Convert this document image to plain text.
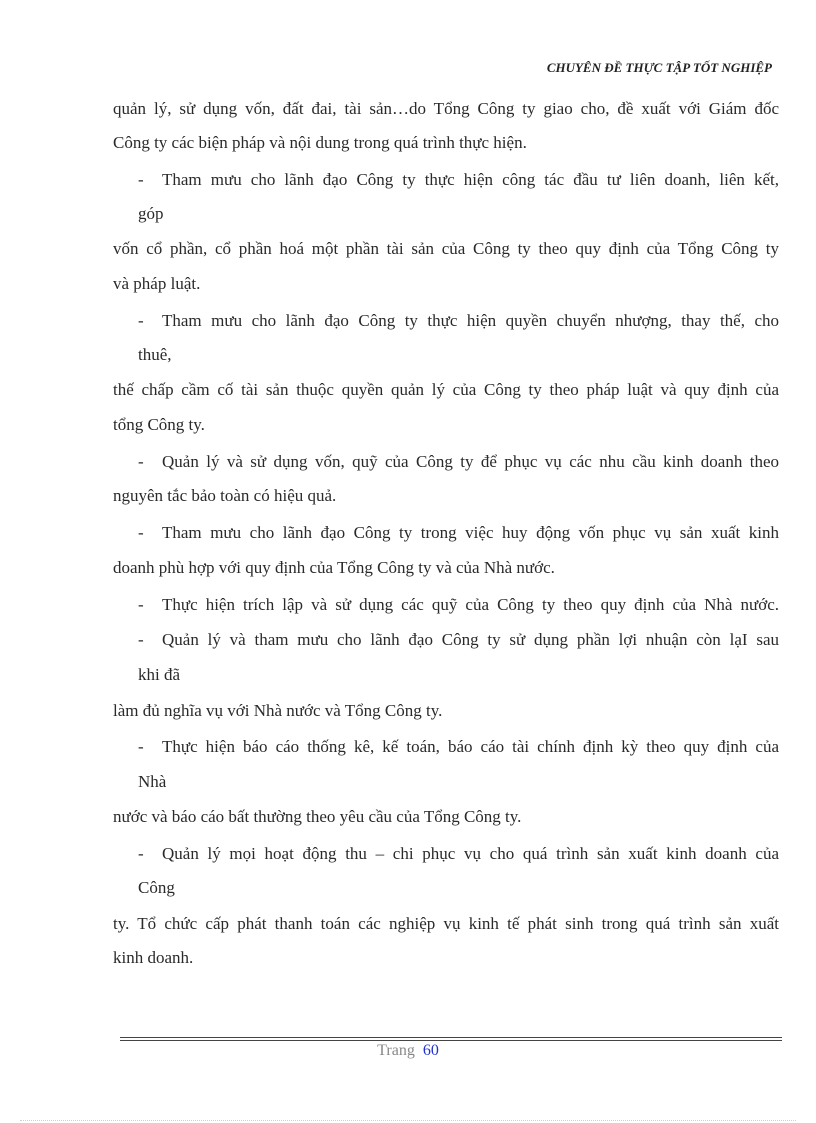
CHUYÊN ĐỀ THỰC TẬP TỐT NGHIỆP
quản lý, sử dụng vốn, đất đai, tài sản…do Tổng Công ty giao cho, đề xuất với Giám đốc
Công ty các biện pháp và nội dung trong quá trình thực hiện.
- Tham mưu cho lãnh đạo Công ty thực hiện công tác đầu tư liên doanh, liên kết,
góp
vốn cổ phần, cổ phần hoá một phần tài sản của Công ty theo quy định của Tổng Công ty
và pháp luật.
- Tham mưu cho lãnh đạo Công ty thực hiện quyền chuyển nhượng, thay thế, cho
thuê,
thế chấp cầm cố tài sản thuộc quyền quản lý của Công ty theo pháp luật và quy định của
tổng Công ty.
- Quản lý và sử dụng vốn, quỹ của Công ty để phục vụ các nhu cầu kinh doanh theo
nguyên tắc bảo toàn có hiệu quả.
- Tham mưu cho lãnh đạo Công ty trong việc huy động vốn phục vụ sản xuất kinh
doanh phù hợp với quy định của Tổng Công ty và của Nhà nước.
- Thực hiện trích lập và sử dụng các quỹ của Công ty theo quy định của Nhà nước.
- Quản lý và tham mưu cho lãnh đạo Công ty sử dụng phần lợi nhuận còn lạI sau
khi đã
làm đủ nghĩa vụ với Nhà nước và Tổng Công ty.
- Thực hiện báo cáo thống kê, kế toán, báo cáo tài chính định kỳ theo quy định của
Nhà
nước và báo cáo bất thường theo yêu cầu của Tổng Công ty.
- Quản lý mọi hoạt động thu – chi phục vụ cho quá trình sản xuất kinh doanh của
Công
ty. Tổ chức cấp phát thanh toán các nghiệp vụ kinh tế phát sinh trong quá trình sản xuất
kinh doanh.
Trang 60
